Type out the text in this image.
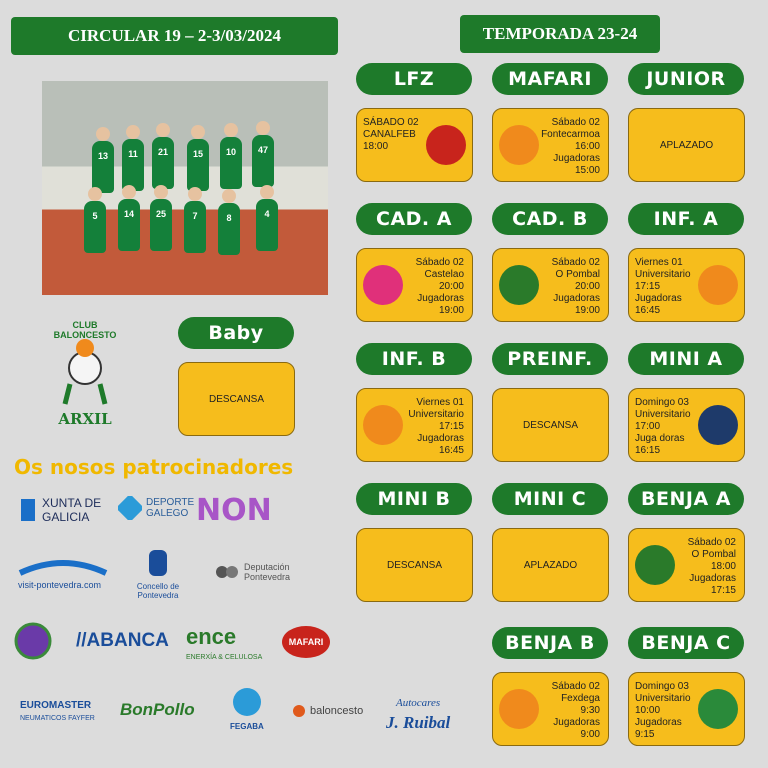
CIRCULAR 19 – 2-3/03/2024	TEMPORADA 23-24
13	11	21	15	10	47
5	14	25	7	8	4
CLUB BALONCESTO
ARXIL
Baby
DESCANSA
Os nosos patrocinadores
XUNTA DE GALICIA
DEPORTE GALEGO NON
visit-pontevedra.com	Concello de Pontevedra
Deputación Pontevedra
//ABANCA ence
ENERXÍA & CELULOSA
MAFARI
EUROMASTER
NEUMATICOS FAYFER BonPollo
FEGABA
baloncesto
Autocares
J. Ruibal
LFZ
SÁBADO 02
CANALFEB
18:00
MAFARI
Sábado 02
Fontecarmoa
16:00
Jugadoras
15:00
JUNIOR
APLAZADO
CAD. A
Sábado 02
Castelao
20:00
Jugadoras
19:00
CAD. B
Sábado 02
O Pombal
20:00
Jugadoras
19:00
INF. A
Viernes 01
Universitario
17:15
Jugadoras
16:45
INF. B
Viernes 01
Universitario
17:15
Jugadoras
16:45
PREINF.
DESCANSA
MINI A
Domingo 03
Universitario
17:00
Juga doras
16:15
MINI B
DESCANSA
MINI C
APLAZADO
BENJA A
Sábado 02
O Pombal
18:00
Jugadoras
17:15
BENJA B
Sábado 02
Fexdega
9:30
Jugadoras
9:00
BENJA C
Domingo 03
Universitario
10:00
Jugadoras
9:15
